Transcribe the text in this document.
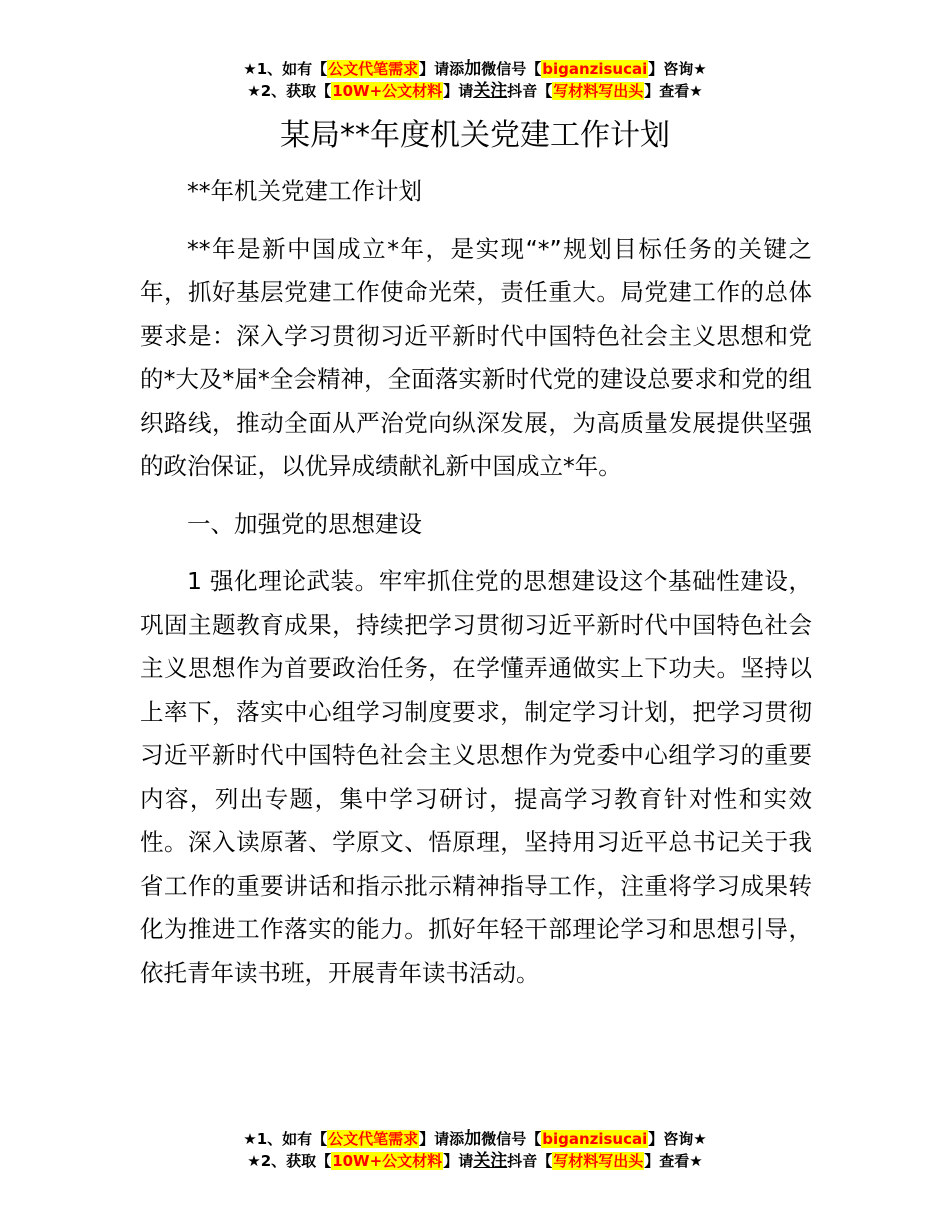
★1、如有【公文代笔需求】请添加微信号【biganzisucai】咨询★
★2、获取【10W+公文材料】请关注抖音【写材料写出头】查看★
某局**年度机关党建工作计划

**年机关党建工作计划

**年是新中国成立*年，是实现“*”规划目标任务的关键之年，抓好基层党建工作使命光荣，责任重大。局党建工作的总体要求是：深入学习贯彻习近平新时代中国特色社会主义思想和党的*大及*届*全会精神，全面落实新时代党的建设总要求和党的组织路线，推动全面从严治党向纵深发展，为高质量发展提供坚强的政治保证，以优异成绩献礼新中国成立*年。

一、加强党的思想建设

1 强化理论武装。牢牢抓住党的思想建设这个基础性建设，巩固主题教育成果，持续把学习贯彻习近平新时代中国特色社会主义思想作为首要政治任务，在学懂弄通做实上下功夫。坚持以上率下，落实中心组学习制度要求，制定学习计划，把学习贯彻习近平新时代中国特色社会主义思想作为党委中心组学习的重要内容，列出专题，集中学习研讨，提高学习教育针对性和实效性。深入读原著、学原文、悟原理，坚持用习近平总书记关于我省工作的重要讲话和指示批示精神指导工作，注重将学习成果转化为推进工作落实的能力。抓好年轻干部理论学习和思想引导，依托青年读书班，开展青年读书活动。

★1、如有【公文代笔需求】请添加微信号【biganzisucai】咨询★
★2、获取【10W+公文材料】请关注抖音【写材料写出头】查看★
